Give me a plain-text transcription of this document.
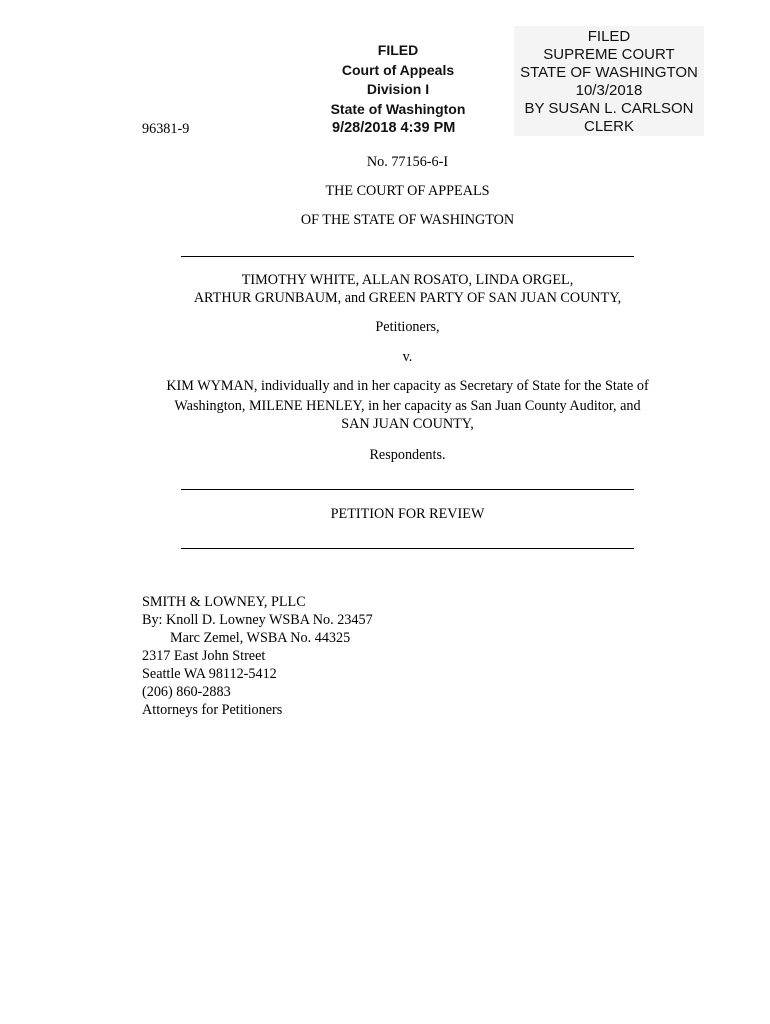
FILED
Court of Appeals
Division I
State of Washington
9/28/2018 4:39 PM
FILED
SUPREME COURT
STATE OF WASHINGTON
10/3/2018
BY SUSAN L. CARLSON
CLERK
96381-9
No. 77156-6-I
THE COURT OF APPEALS
OF THE STATE OF WASHINGTON
TIMOTHY WHITE, ALLAN ROSATO, LINDA ORGEL,
ARTHUR GRUNBAUM, and GREEN PARTY OF SAN JUAN COUNTY,
Petitioners,
v.
KIM WYMAN, individually and in her capacity as Secretary of State for the State of
Washington, MILENE HENLEY, in her capacity as San Juan County Auditor, and
SAN JUAN COUNTY,
Respondents.
PETITION FOR REVIEW
SMITH & LOWNEY, PLLC
By: Knoll D. Lowney WSBA No. 23457
Marc Zemel, WSBA No. 44325
2317 East John Street
Seattle WA 98112-5412
(206) 860-2883
Attorneys for Petitioners
